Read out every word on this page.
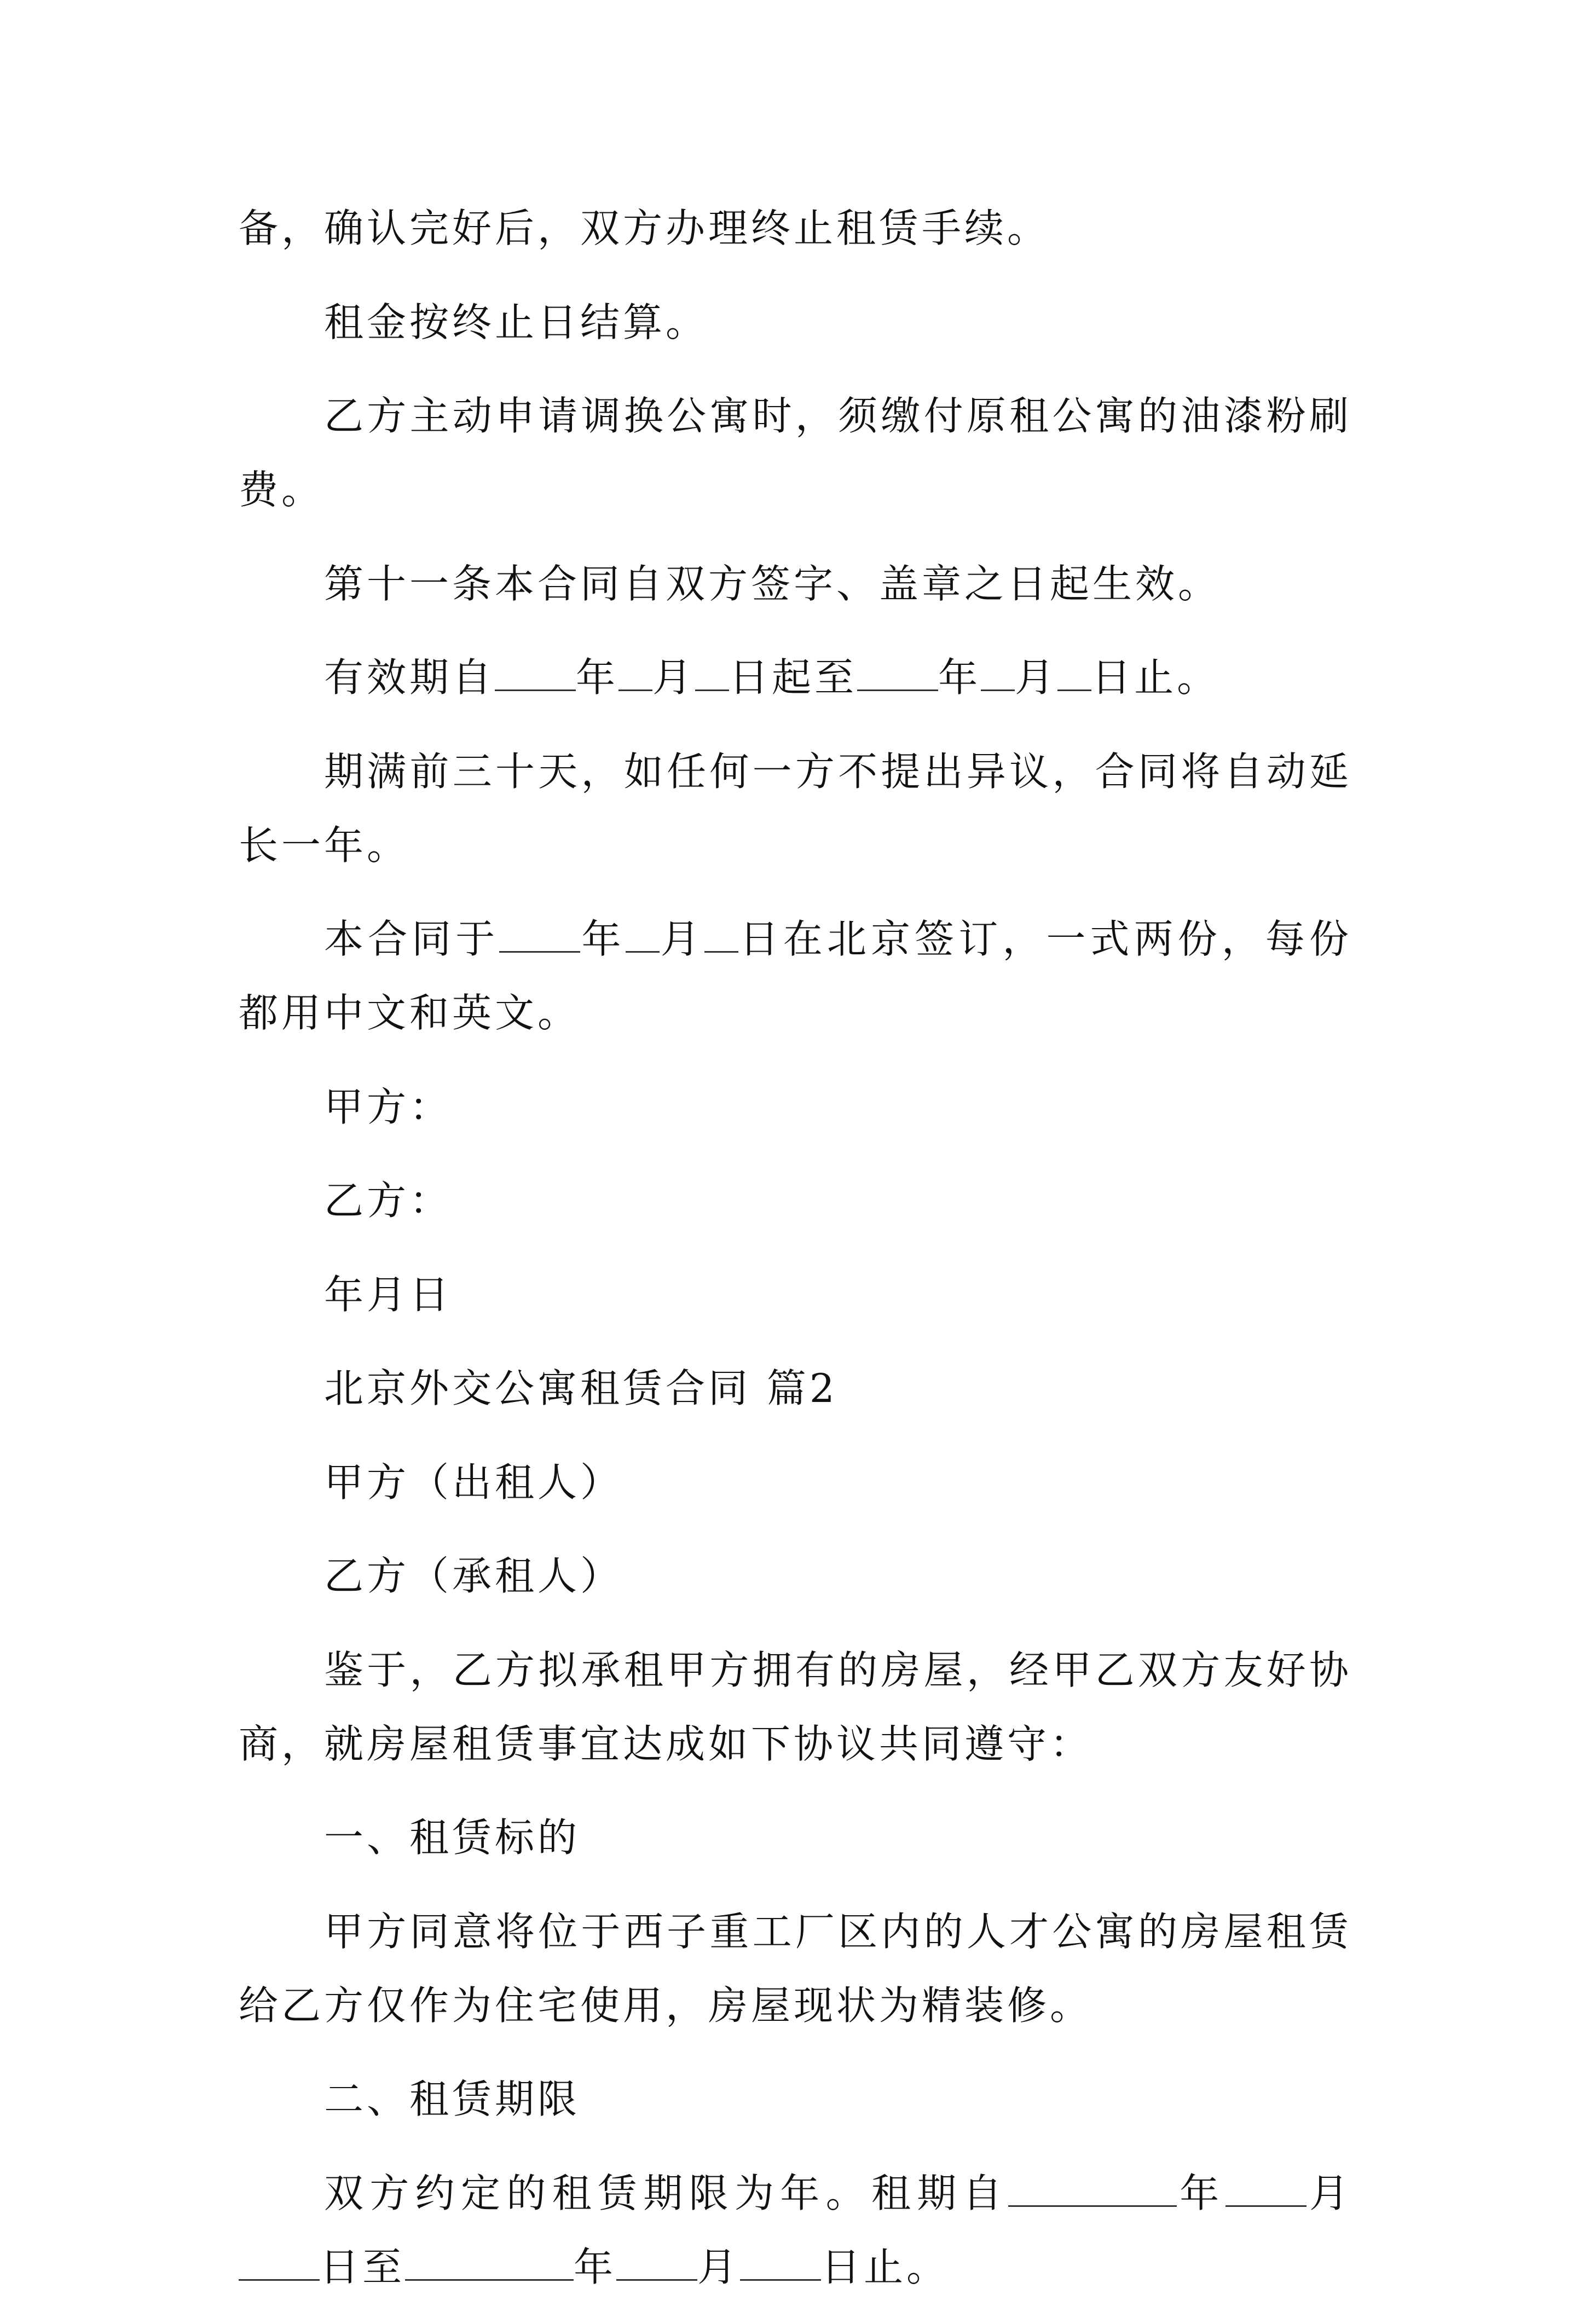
备，确认完好后，双方办理终止租赁手续。

租金按终止日结算。

乙方主动申请调换公寓时，须缴付原租公寓的油漆粉刷费。

第十一条本合同自双方签字、盖章之日起生效。

有效期自 年 月 日起至 年 月 日止。

期满前三十天，如任何一方不提出异议，合同将自动延长一年。

本合同于 年 月 日在北京签订，一式两份，每份都用中文和英文。

甲方：

乙方：

年月日

北京外交公寓租赁合同 篇2

甲方（出租人）

乙方（承租人）

鉴于，乙方拟承租甲方拥有的房屋，经甲乙双方友好协商，就房屋租赁事宜达成如下协议共同遵守：

一、租赁标的

甲方同意将位于西子重工厂区内的人才公寓的房屋租赁给乙方仅作为住宅使用，房屋现状为精装修。

二、租赁期限

双方约定的租赁期限为年。租期自	年 月日至	年 月 日止。
